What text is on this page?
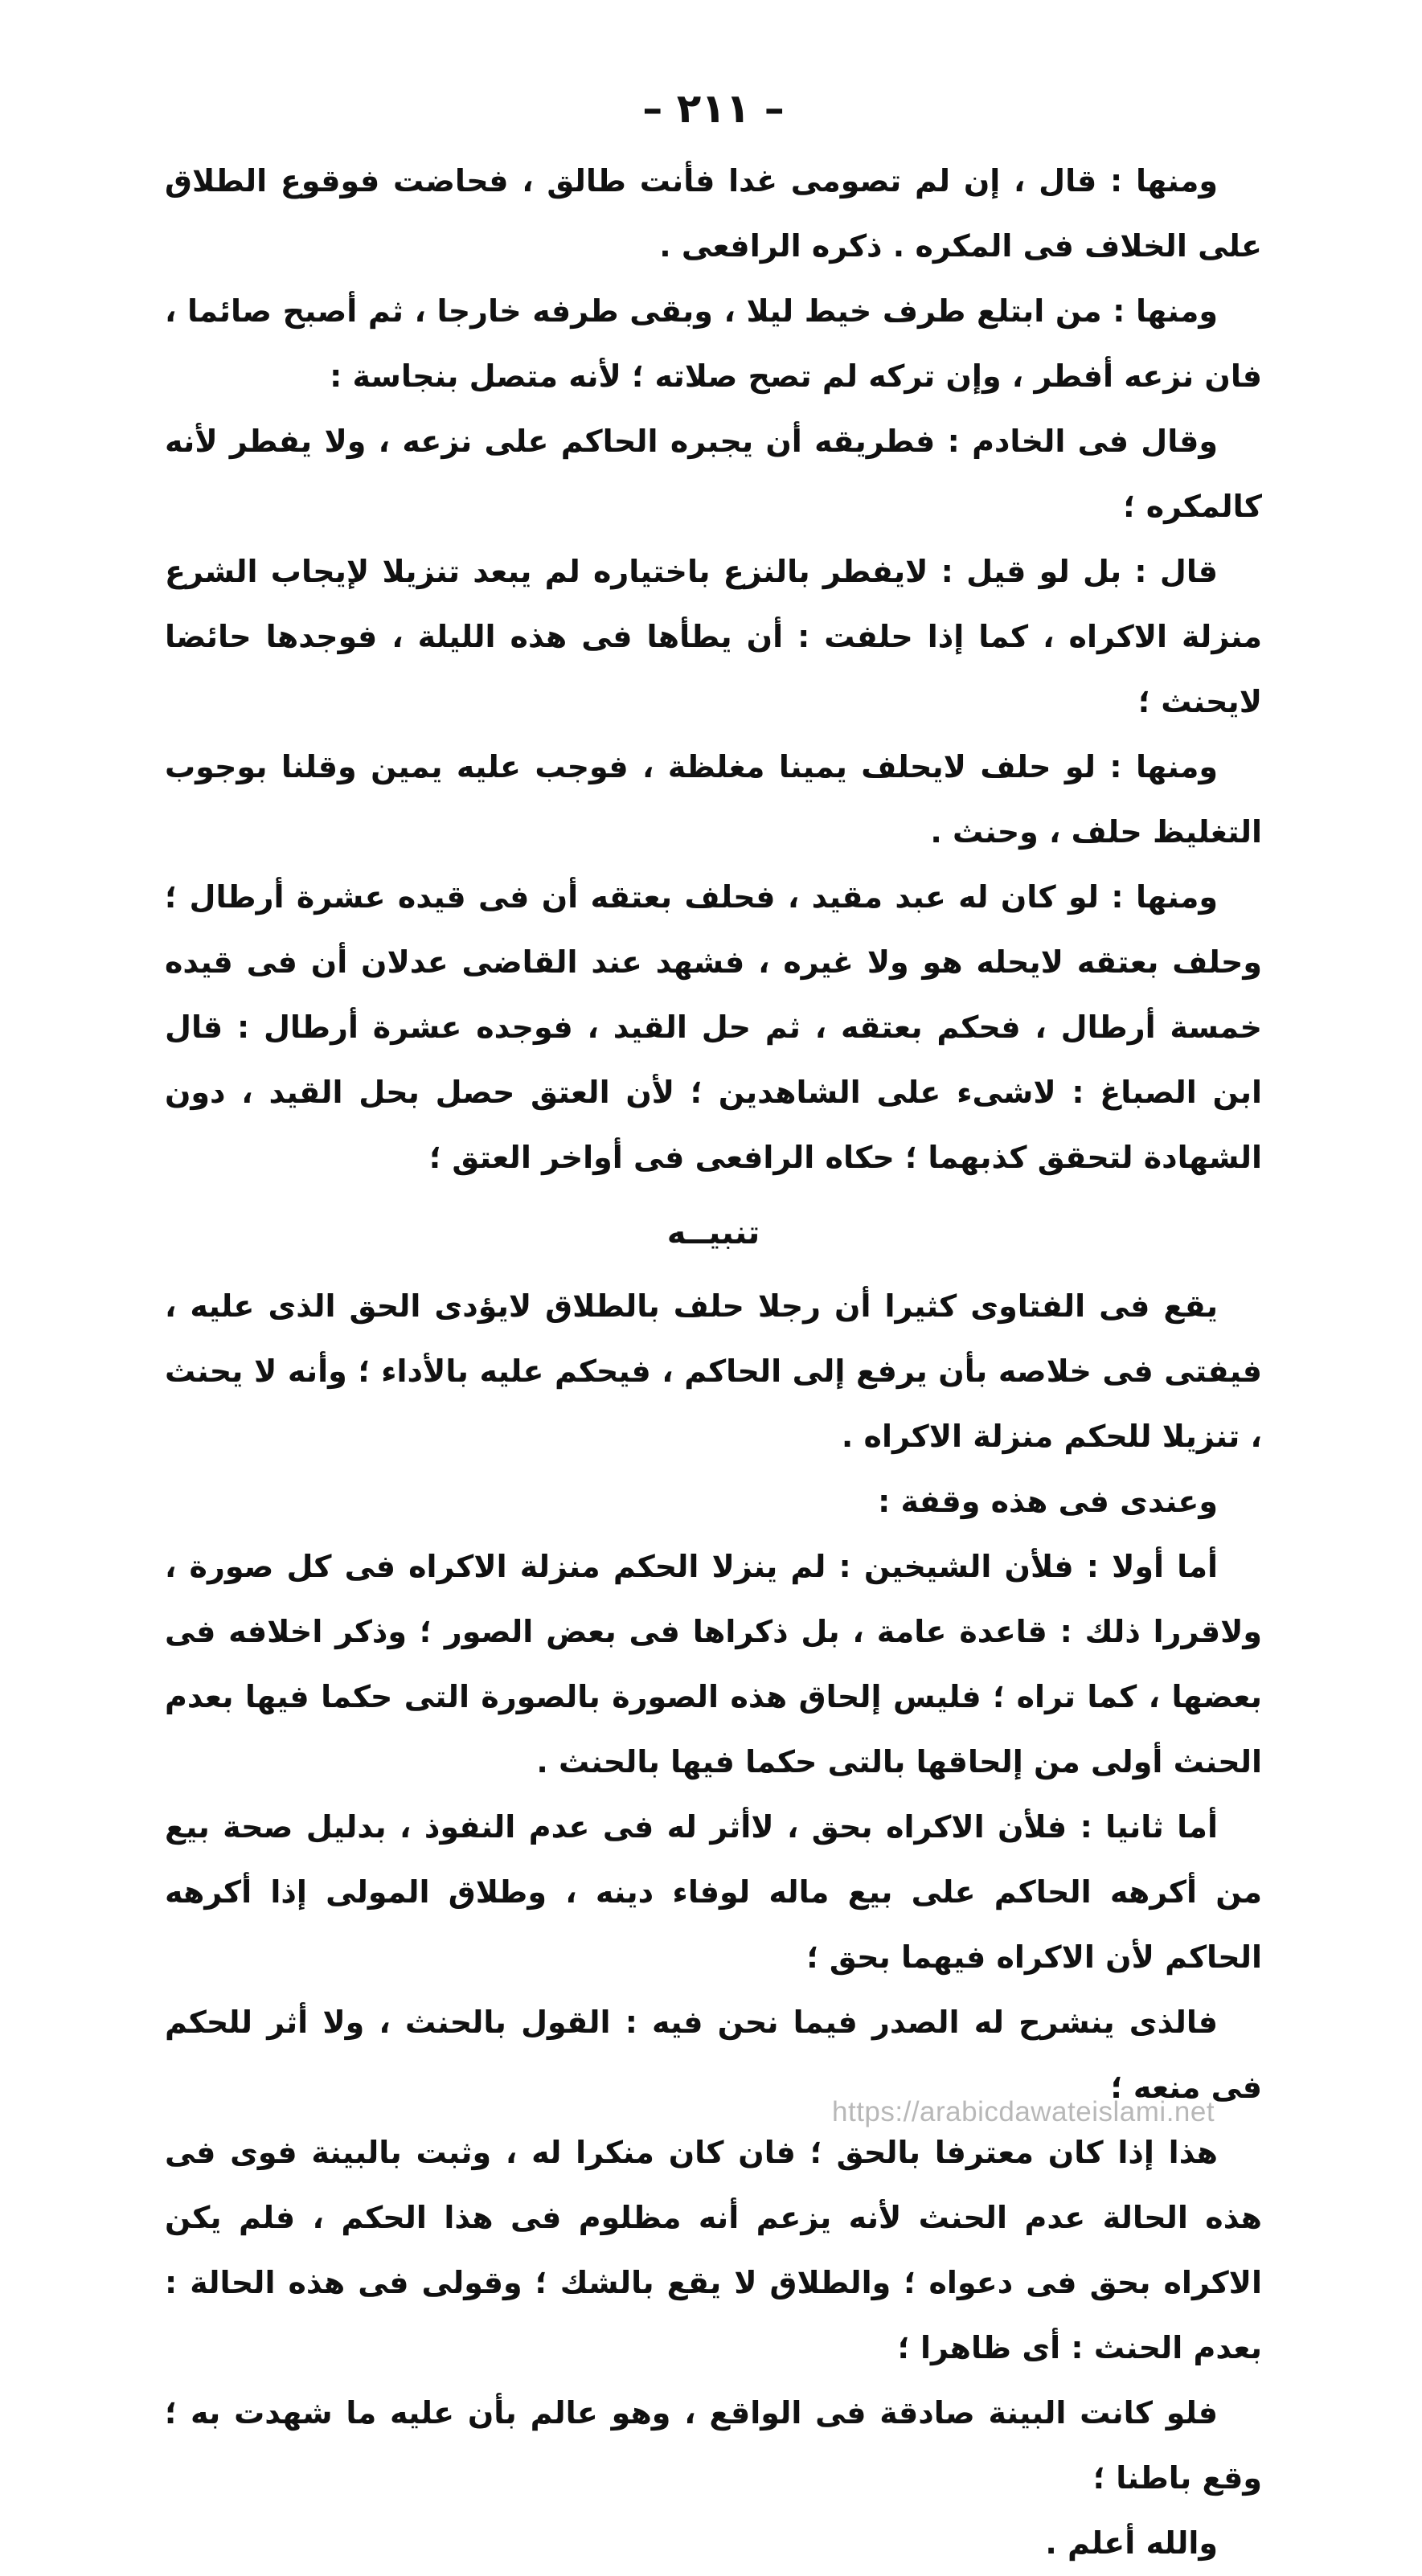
– ٢١١ –

ومنها : قال ، إن لم تصومى غدا فأنت طالق ، فحاضت فوقوع الطلاق على الخلاف فى المكره . ذكره الرافعى .

ومنها : من ابتلع طرف خيط ليلا ، وبقى طرفه خارجا ، ثم أصبح صائما ، فان نزعه أفطر ، وإن تركه لم تصح صلاته ؛ لأنه متصل بنجاسة :

وقال فى الخادم : فطريقه أن يجبره الحاكم على نزعه ، ولا يفطر لأنه كالمكره ؛

قال : بل لو قيل : لايفطر بالنزع باختياره لم يبعد تنزيلا لإيجاب الشرع منزلة الاكراه ، كما إذا حلفت : أن يطأها فى هذه الليلة ، فوجدها حائضا لايحنث ؛

ومنها : لو حلف لايحلف يمينا مغلظة ، فوجب عليه يمين وقلنا بوجوب التغليظ حلف ، وحنث .

ومنها : لو كان له عبد مقيد ، فحلف بعتقه أن فى قيده عشرة أرطال ؛ وحلف بعتقه لايحله هو ولا غيره ، فشهد عند القاضى عدلان أن فى قيده خمسة أرطال ، فحكم بعتقه ، ثم حل القيد ، فوجده عشرة أرطال : قال ابن الصباغ : لاشىء على الشاهدين ؛ لأن العتق حصل بحل القيد ، دون الشهادة لتحقق كذبهما ؛ حكاه الرافعى فى أواخر العتق ؛

تنبيــه

يقع فى الفتاوى كثيرا أن رجلا حلف بالطلاق لايؤدى الحق الذى عليه ، فيفتى فى خلاصه بأن يرفع إلى الحاكم ، فيحكم عليه بالأداء ؛ وأنه لا يحنث ، تنزيلا للحكم منزلة الاكراه .

وعندى فى هذه وقفة :

أما أولا : فلأن الشيخين : لم ينزلا الحكم منزلة الاكراه فى كل صورة ، ولاقررا ذلك : قاعدة عامة ، بل ذكراها فى بعض الصور ؛ وذكر اخلافه فى بعضها ، كما تراه ؛ فليس إلحاق هذه الصورة بالصورة التى حكما فيها بعدم الحنث أولى من إلحاقها بالتى حكما فيها بالحنث .

أما ثانيا : فلأن الاكراه بحق ، لاأثر له فى عدم النفوذ ، بدليل صحة بيع من أكرهه الحاكم على بيع ماله لوفاء دينه ، وطلاق المولى إذا أكرهه الحاكم لأن الاكراه فيهما بحق ؛

فالذى ينشرح له الصدر فيما نحن فيه : القول بالحنث ، ولا أثر للحكم فى منعه ؛

هذا إذا كان معترفا بالحق ؛ فان كان منكرا له ، وثبت بالبينة فوى فى هذه الحالة عدم الحنث لأنه يزعم أنه مظلوم فى هذا الحكم ، فلم يكن الاكراه بحق فى دعواه ؛ والطلاق لا يقع بالشك ؛ وقولى فى هذه الحالة : بعدم الحنث : أى ظاهرا ؛

فلو كانت البينة صادقة فى الواقع ، وهو عالم بأن عليه ما شهدت به ؛ وقع باطنا ؛

والله أعلم .

https://arabicdawateislami.net
